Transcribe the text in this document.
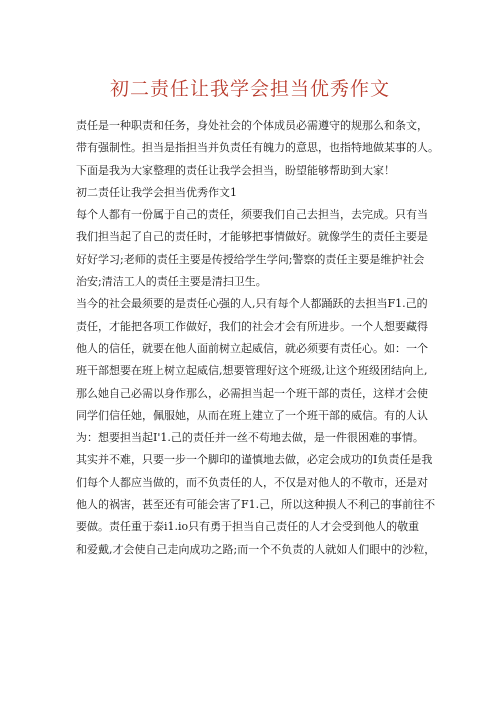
初二责任让我学会担当优秀作文
责任是一种职责和任务，身处社会的个体成员必需遵守的规那么和条文，
带有强制性。担当是指担当并负责任有魄力的意思，也指特地做某事的人。
下面是我为大家整理的责任让我学会担当，盼望能够帮助到大家！
初二责任让我学会担当优秀作文1
每个人都有一份属于自己的责任，须要我们自己去担当，去完成。只有当
我们担当起了自己的责任时，才能够把事情做好。就像学生的责任主要是
好好学习;老师的责任主要是传授给学生学问;警察的责任主要是维护社会
治安;清洁工人的责任主要是清扫卫生。
当今的社会最须要的是责任心强的人,只有每个人都踊跃的去担当F1.己的
责任，才能把各项工作做好，我们的社会才会有所进步。一个人想要藏得
他人的信任，就要在他人面前树立起威信，就必须要有责任心。如：一个
班干部想要在班上树立起威信,想要管理好这个班级,让这个班级团结向上,
那么她自己必需以身作那么，必需担当起一个班干部的责任，这样才会使
同学们信任她，佩服她，从而在班上建立了一个班干部的威信。有的人认
为：想要担当起I'1.己的责任并一丝不苟地去做，是一件很困难的事情。
其实并不难，只要一步一个脚印的谨慎地去做，必定会成功的I负责任是我
们每个人都应当做的，而不负责任的人，不仅是对他人的不敬市，还是对
他人的祸害，甚至还有可能会害了F1.己，所以这种损人不利己的事前往不
要做。责任重于泰i1.io只有勇于担当自己责任的人才会受到他人的敬重
和爱戴,才会使自己走向成功之路;而一个不负责的人就如人们眼中的沙粒，
